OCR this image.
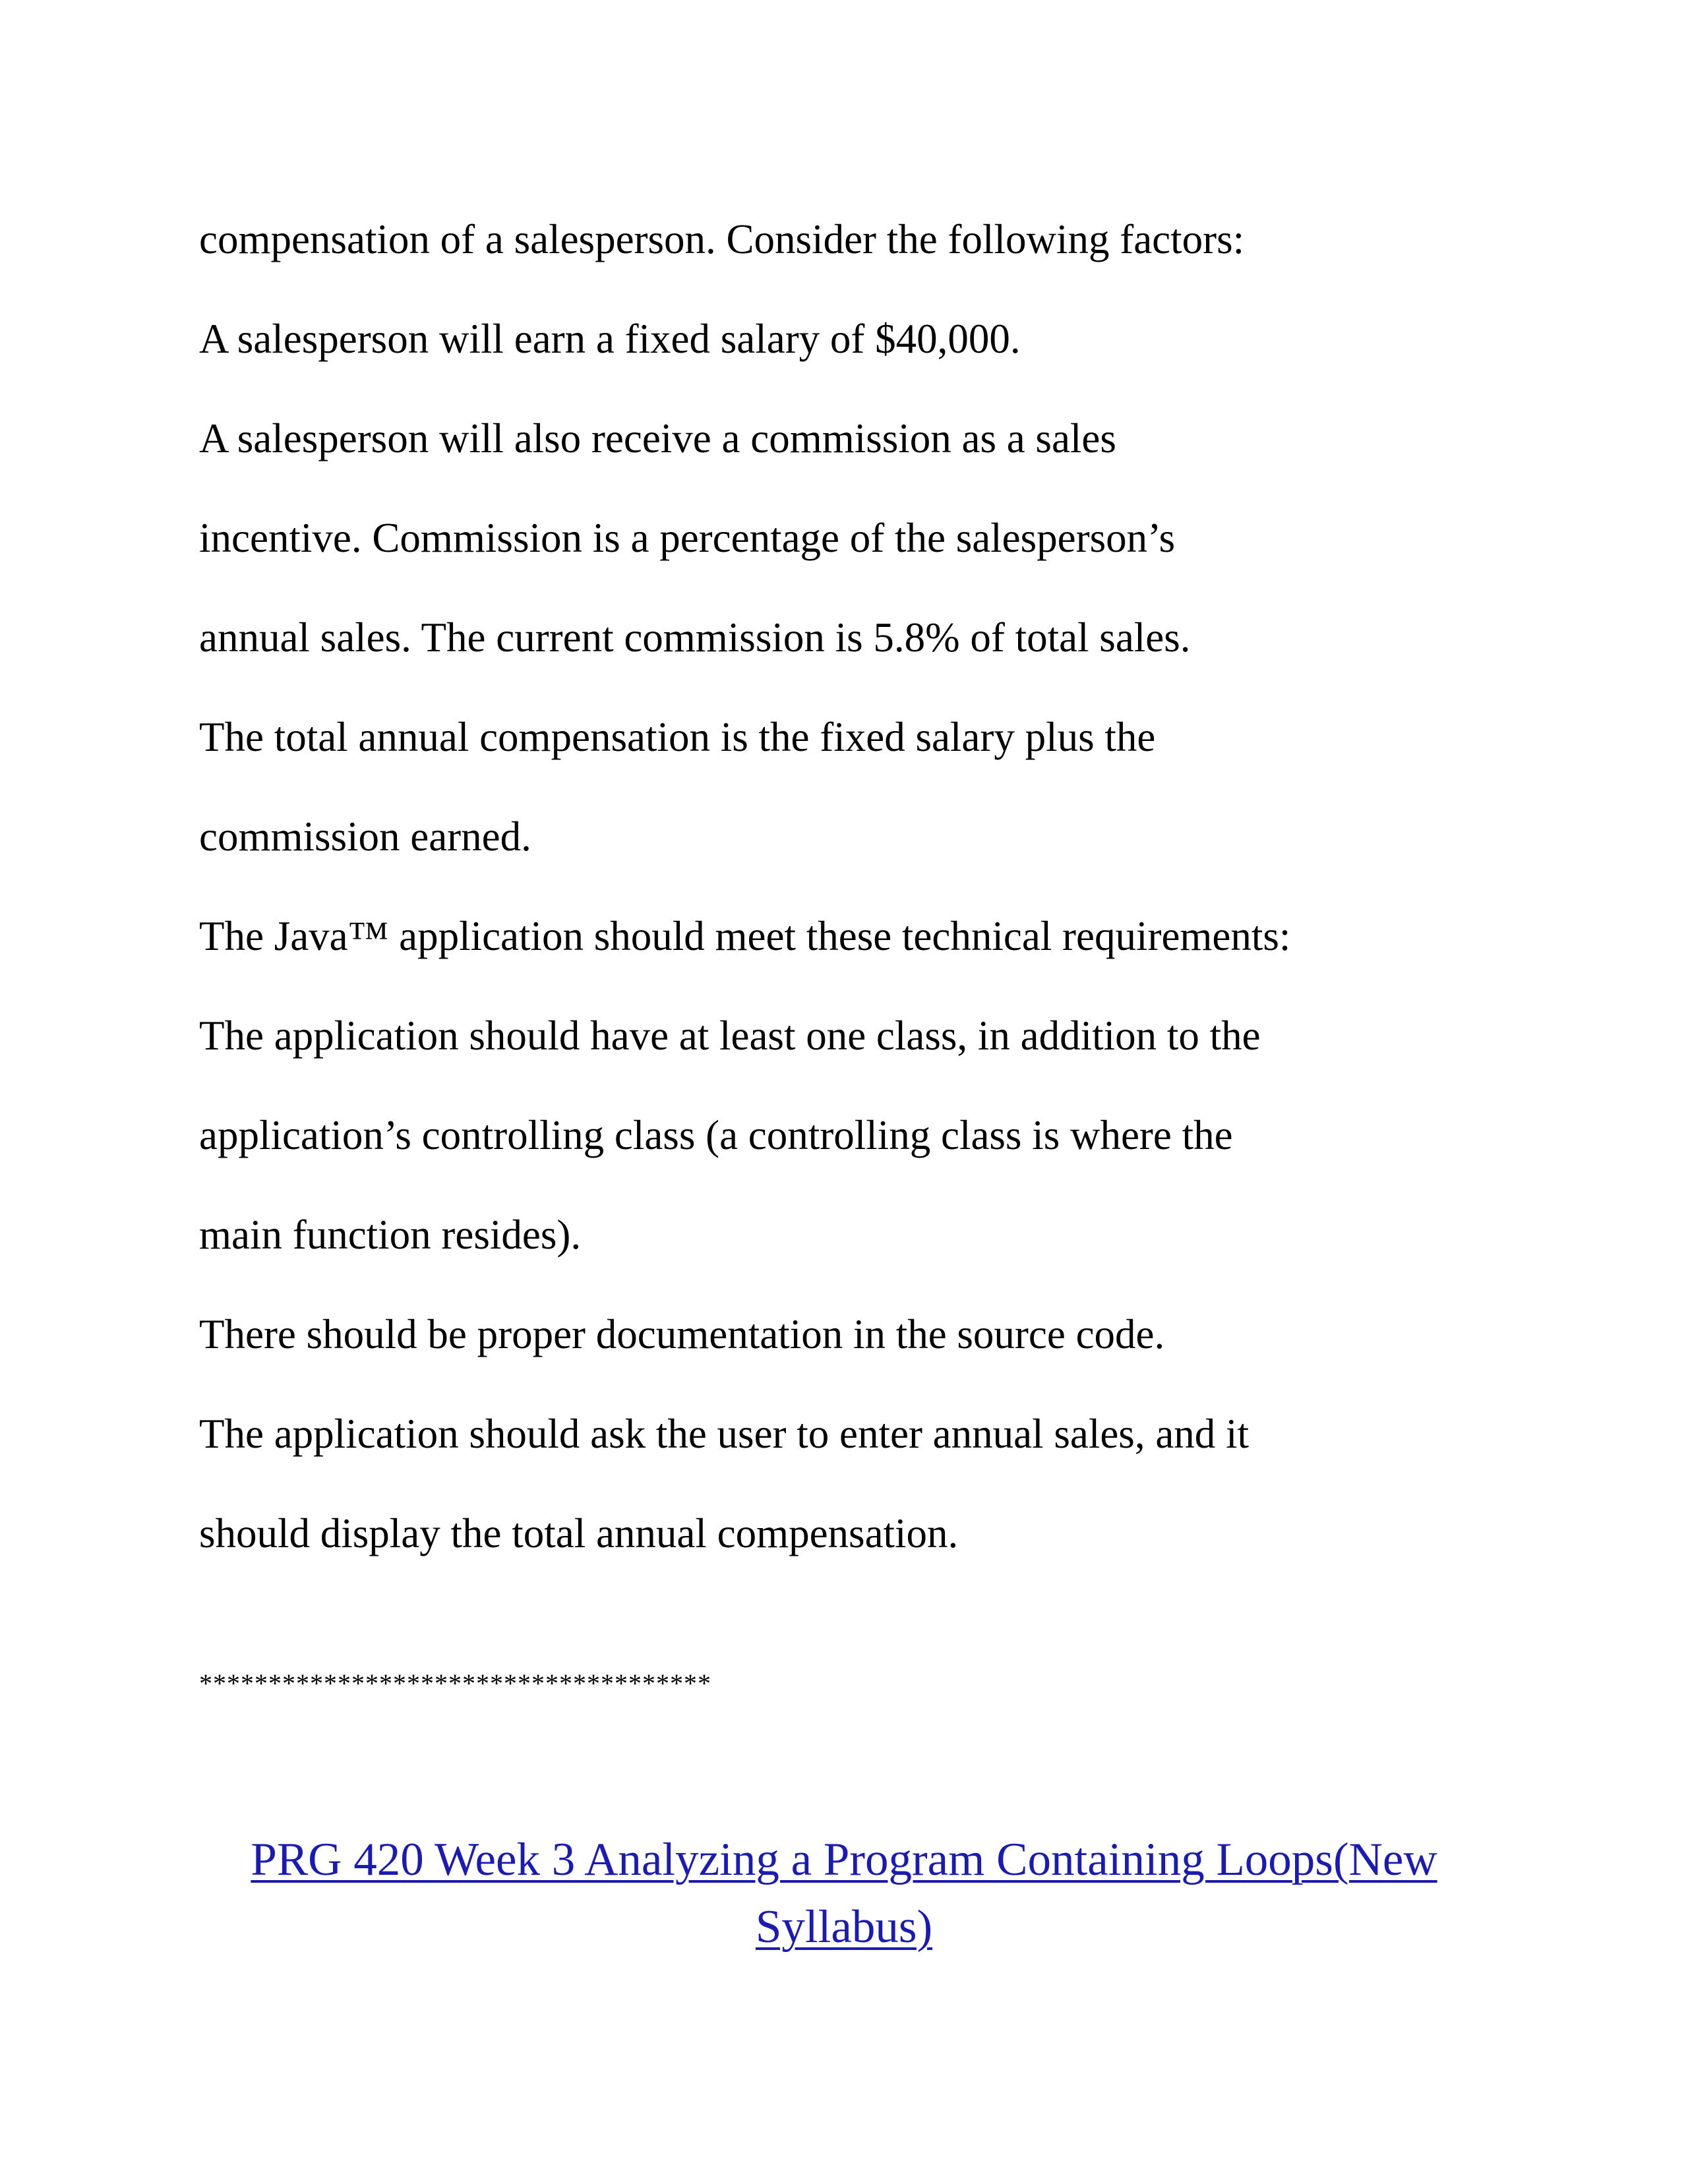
compensation of a salesperson. Consider the following factors:
A salesperson will earn a fixed salary of $40,000.
A salesperson will also receive a commission as a sales
incentive. Commission is a percentage of the salesperson’s
annual sales. The current commission is 5.8% of total sales.
The total annual compensation is the fixed salary plus the
commission earned.
The Java™ application should meet these technical requirements:
The application should have at least one class, in addition to the
application’s controlling class (a controlling class is where the
main function resides).
There should be proper documentation in the source code.
The application should ask the user to enter annual sales, and it
should display the total annual compensation.
*************************************
PRG 420 Week 3 Analyzing a Program Containing Loops(New
Syllabus)
